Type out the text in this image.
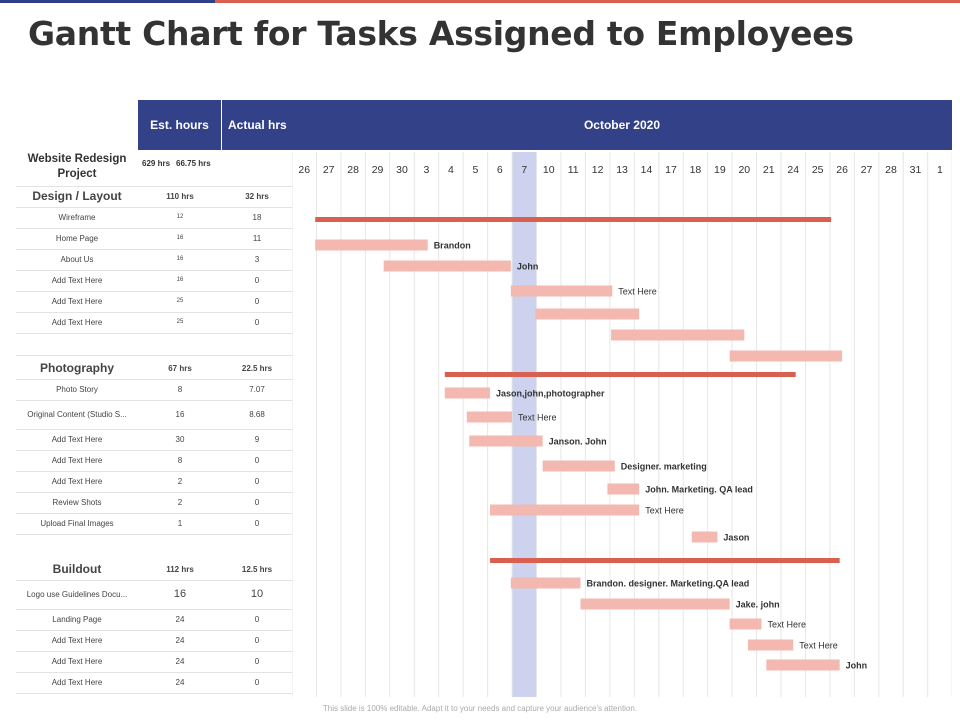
Gantt Chart for Tasks Assigned to Employees
Est. hours	Actual hrs	October 2020
Website Redesign Project
629 hrs 66.75 hrs
Design / Layout	110 hrs	32 hrs
Wireframe	12	18
Home Page	16	11
About Us	16	3
Add Text Here	16	0
Add Text Here	25	0
Add Text Here	25	0
Photography	67 hrs	22.5 hrs
Photo Story	8	7.07
Original Content (Studio S...	16	8.68
Add Text Here	30	9
Add Text Here	8	0
Add Text Here	2	0
Review Shots	2	0
Upload Final Images	1	0
Buildout	112 hrs	12.5 hrs
Logo use Guidelines Docu...	16	10
Landing Page	24	0
Add Text Here	24	0
Add Text Here	24	0
Add Text Here	24	0
26 27 28 29 30 3 4 5 6 7 10 11 12 13 14 17 18 19 20 21 24 25 26 27 28 31 1
Brandon
John
Text Here
Jason,john,photographer
Text Here
Janson. John
Designer. marketing
John. Marketing. QA lead
Text Here
Jason
Brandon. designer. Marketing.QA lead
Jake. john
Text Here
Text Here
John
This slide is 100% editable. Adapt it to your needs and capture your audience's attention.
